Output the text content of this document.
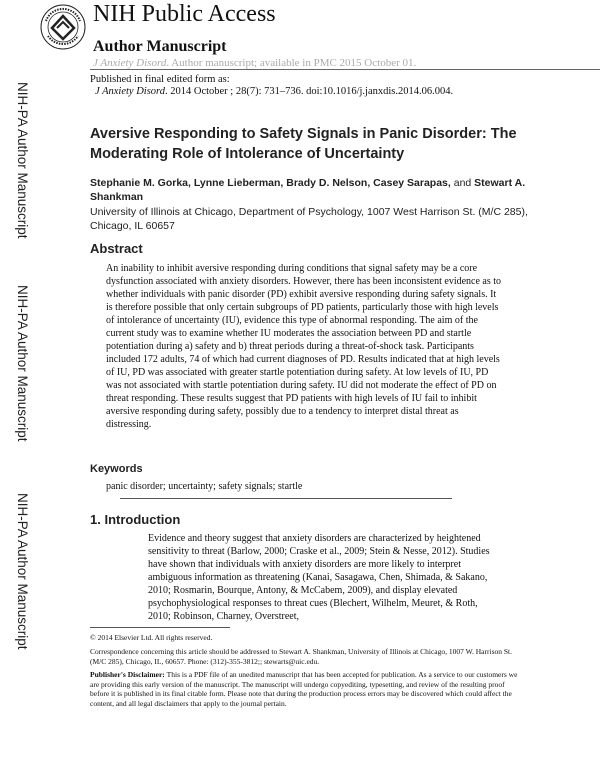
NIH-PA Author Manuscript
NIH-PA Author Manuscript
NIH-PA Author Manuscript
NIH Public Access
Author Manuscript
J Anxiety Disord. Author manuscript; available in PMC 2015 October 01.
Published in final edited form as:
J Anxiety Disord. 2014 October ; 28(7): 731–736. doi:10.1016/j.janxdis.2014.06.004.
Aversive Responding to Safety Signals in Panic Disorder: The Moderating Role of Intolerance of Uncertainty
Stephanie M. Gorka, Lynne Lieberman, Brady D. Nelson, Casey Sarapas, and Stewart A. Shankman
University of Illinois at Chicago, Department of Psychology, 1007 West Harrison St. (M/C 285), Chicago, IL 60657
Abstract
An inability to inhibit aversive responding during conditions that signal safety may be a core dysfunction associated with anxiety disorders. However, there has been inconsistent evidence as to whether individuals with panic disorder (PD) exhibit aversive responding during safety signals. It is therefore possible that only certain subgroups of PD patients, particularly those with high levels of intolerance of uncertainty (IU), evidence this type of abnormal responding. The aim of the current study was to examine whether IU moderates the association between PD and startle potentiation during a) safety and b) threat periods during a threat-of-shock task. Participants included 172 adults, 74 of which had current diagnoses of PD. Results indicated that at high levels of IU, PD was associated with greater startle potentiation during safety. At low levels of IU, PD was not associated with startle potentiation during safety. IU did not moderate the effect of PD on threat responding. These results suggest that PD patients with high levels of IU fail to inhibit aversive responding during safety, possibly due to a tendency to interpret distal threat as distressing.
Keywords
panic disorder; uncertainty; safety signals; startle
1. Introduction
Evidence and theory suggest that anxiety disorders are characterized by heightened sensitivity to threat (Barlow, 2000; Craske et al., 2009; Stein & Nesse, 2012). Studies have shown that individuals with anxiety disorders are more likely to interpret ambiguous information as threatening (Kanai, Sasagawa, Chen, Shimada, & Sakano, 2010; Rosmarin, Bourque, Antony, & McCabem, 2009), and display elevated psychophysiological responses to threat cues (Blechert, Wilhelm, Meuret, & Roth, 2010; Robinson, Charney, Overstreet,
© 2014 Elsevier Ltd. All rights reserved.
Correspondence concerning this article should be addressed to Stewart A. Shankman, University of Illinois at Chicago, 1007 W. Harrison St. (M/C 285), Chicago, IL, 60657. Phone: (312)-355-3812;; stewarts@uic.edu.
Publisher's Disclaimer: This is a PDF file of an unedited manuscript that has been accepted for publication. As a service to our customers we are providing this early version of the manuscript. The manuscript will undergo copyediting, typesetting, and review of the resulting proof before it is published in its final citable form. Please note that during the production process errors may be discovered which could affect the content, and all legal disclaimers that apply to the journal pertain.
